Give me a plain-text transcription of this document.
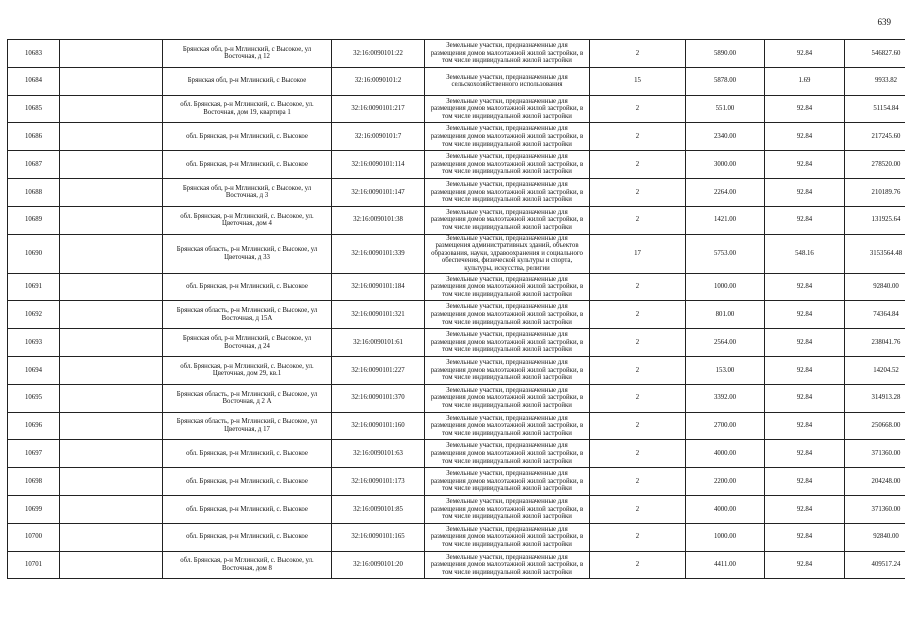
639
10683		Брянская обл, р-н Мглинский, с Высокое, ул Восточная, д 12	32:16:0090101:22	Земельные участки, предназначенные для размещения домов малоэтажной жилой застройки, в том числе индивидуальной жилой застройки	2	5890.00	92.84	546827.60
10684		Брянская обл, р-н Мглинский, с Высокое	32:16:0090101:2	Земельные участки, предназначенные для сельскохозяйственного использования	15	5878.00	1.69	9933.82
10685		обл. Брянская, р-н Мглинский, с. Высокое, ул. Восточная, дом 19, квартира 1	32:16:0090101:217	Земельные участки, предназначенные для размещения домов малоэтажной жилой застройки, в том числе индивидуальной жилой застройки	2	551.00	92.84	51154.84
10686		обл. Брянская, р-н Мглинский, с. Высокое	32:16:0090101:7	Земельные участки, предназначенные для размещения домов малоэтажной жилой застройки, в том числе индивидуальной жилой застройки	2	2340.00	92.84	217245.60
10687		обл. Брянская, р-н Мглинский, с. Высокое	32:16:0090101:114	Земельные участки, предназначенные для размещения домов малоэтажной жилой застройки, в том числе индивидуальной жилой застройки	2	3000.00	92.84	278520.00
10688		Брянская обл, р-н Мглинский, с Высокое, ул Восточная, д 3	32:16:0090101:147	Земельные участки, предназначенные для размещения домов малоэтажной жилой застройки, в том числе индивидуальной жилой застройки	2	2264.00	92.84	210189.76
10689		обл. Брянская, р-н Мглинский, с. Высокое, ул. Цветочная, дом 4	32:16:0090101:38	Земельные участки, предназначенные для размещения домов малоэтажной жилой застройки, в том числе индивидуальной жилой застройки	2	1421.00	92.84	131925.64
10690		Брянская область, р-н Мглинский, с Высокое, ул Цветочная, д 33	32:16:0090101:339	Земельные участки, предназначенные для размещения административных зданий, объектов образования, науки, здравоохранения и социального обеспечения, физической культуры и спорта, культуры, искусства, религии	17	5753.00	548.16	3153564.48
10691		обл. Брянская, р-н Мглинский, с. Высокое	32:16:0090101:184	Земельные участки, предназначенные для размещения домов малоэтажной жилой застройки, в том числе индивидуальной жилой застройки	2	1000.00	92.84	92840.00
10692		Брянская область, р-н Мглинский, с Высокое, ул Восточная, д 15А	32:16:0090101:321	Земельные участки, предназначенные для размещения домов малоэтажной жилой застройки, в том числе индивидуальной жилой застройки	2	801.00	92.84	74364.84
10693		Брянская обл, р-н Мглинский, с Высокое, ул Восточная, д 24	32:16:0090101:61	Земельные участки, предназначенные для размещения домов малоэтажной жилой застройки, в том числе индивидуальной жилой застройки	2	2564.00	92.84	238041.76
10694		обл. Брянская, р-н Мглинский, с. Высокое, ул. Цветочная, дом 29, кв.1	32:16:0090101:227	Земельные участки, предназначенные для размещения домов малоэтажной жилой застройки, в том числе индивидуальной жилой застройки	2	153.00	92.84	14204.52
10695		Брянская область, р-н Мглинский, с Высокое, ул Восточная, д 2 А	32:16:0090101:370	Земельные участки, предназначенные для размещения домов малоэтажной жилой застройки, в том числе индивидуальной жилой застройки	2	3392.00	92.84	314913.28
10696		Брянская область, р-н Мглинский, с Высокое, ул Цветочная, д 17	32:16:0090101:160	Земельные участки, предназначенные для размещения домов малоэтажной жилой застройки, в том числе индивидуальной жилой застройки	2	2700.00	92.84	250668.00
10697		обл. Брянская, р-н Мглинский, с. Высокое	32:16:0090101:63	Земельные участки, предназначенные для размещения домов малоэтажной жилой застройки, в том числе индивидуальной жилой застройки	2	4000.00	92.84	371360.00
10698		обл. Брянская, р-н Мглинский, с. Высокое	32:16:0090101:173	Земельные участки, предназначенные для размещения домов малоэтажной жилой застройки, в том числе индивидуальной жилой застройки	2	2200.00	92.84	204248.00
10699		обл. Брянская, р-н Мглинский, с. Высокое	32:16:0090101:85	Земельные участки, предназначенные для размещения домов малоэтажной жилой застройки, в том числе индивидуальной жилой застройки	2	4000.00	92.84	371360.00
10700		обл. Брянская, р-н Мглинский, с. Высокое	32:16:0090101:165	Земельные участки, предназначенные для размещения домов малоэтажной жилой застройки, в том числе индивидуальной жилой застройки	2	1000.00	92.84	92840.00
10701		обл. Брянская, р-н Мглинский, с. Высокое, ул. Восточная, дом 8	32:16:0090101:20	Земельные участки, предназначенные для размещения домов малоэтажной жилой застройки, в том числе индивидуальной жилой застройки	2	4411.00	92.84	409517.24
